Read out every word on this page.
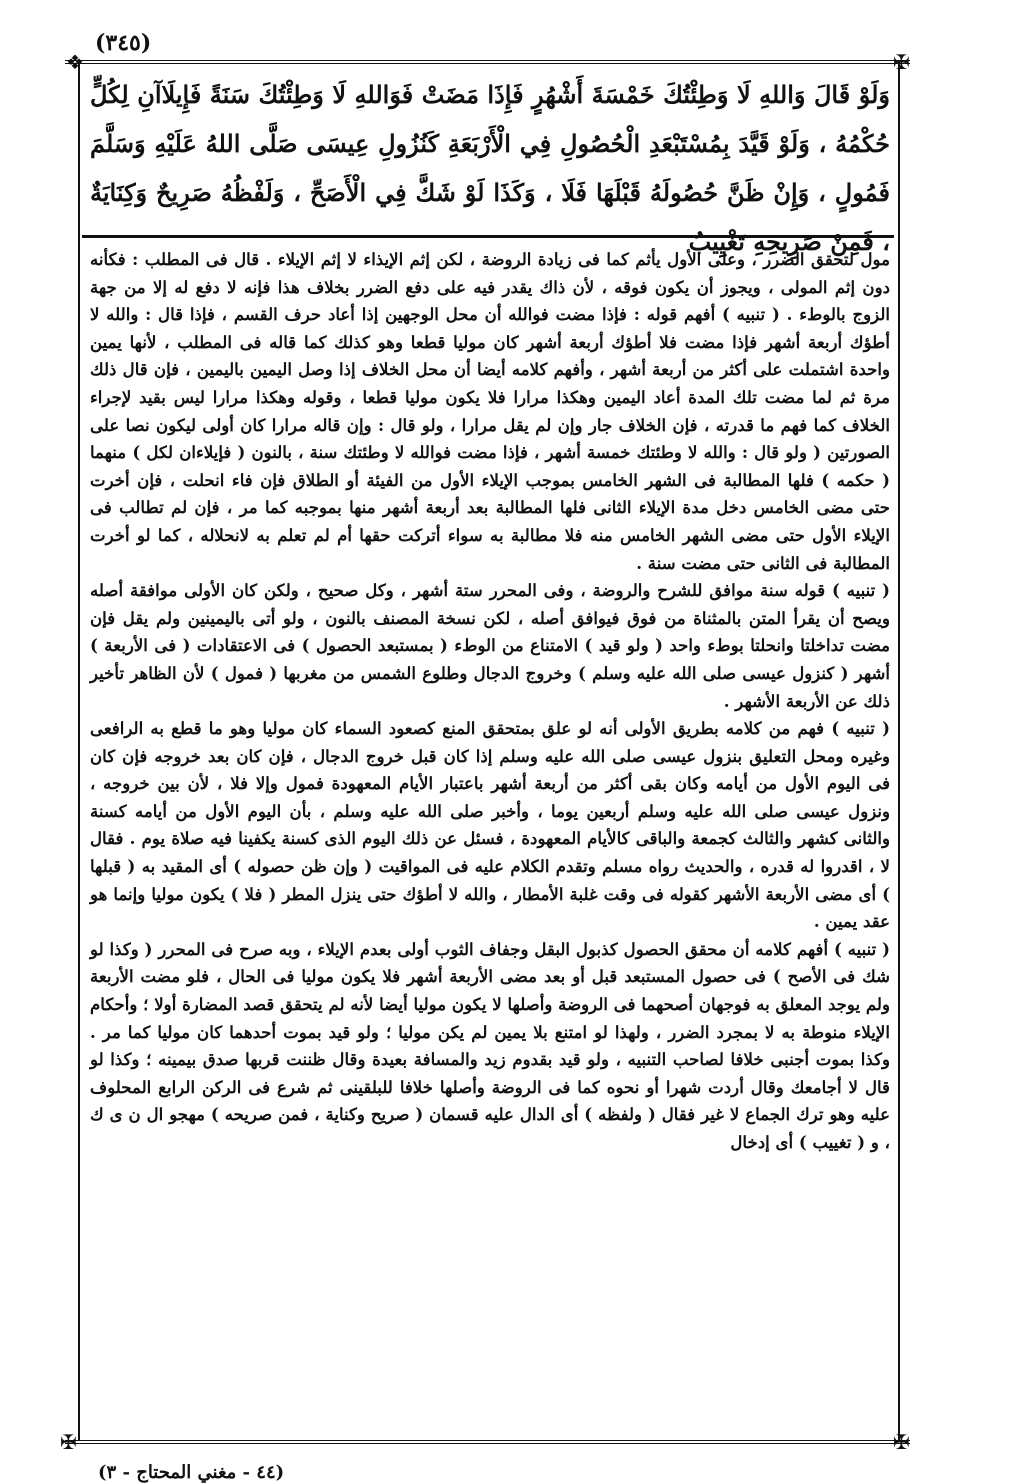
(٣٤٥)
❖	✠
✠	✠
وَلَوْ قَالَ وَاللهِ لَا وَطِئْتُكَ خَمْسَةَ أَشْهُرٍ فَإِذَا مَضَتْ فَوَاللهِ لَا وَطِئْتُكَ سَنَةً فَإِيلَاآنِ لِكُلٍّ حُكْمُهُ ، وَلَوْ قَيَّدَ بِمُسْتَبْعَدِ الْحُصُولِ فِي الْأَرْبَعَةِ كَنُزُولِ عِيسَى صَلَّى اللهُ عَلَيْهِ وَسَلَّمَ فَمُولٍ ، وَإِنْ ظَنَّ حُصُولَهُ قَبْلَهَا فَلَا ، وَكَذَا لَوْ شَكَّ فِي الْأَصَحِّ ، وَلَفْظُهُ صَرِيحٌ وَكِنَايَةٌ ، فَمِنْ صَرِيحِهِ تَغْيِيبُ

مول لتحقق الضرر ، وعلى الأول يأثم كما فى زيادة الروضة ، لكن إثم الإيذاء لا إثم الإيلاء . قال فى المطلب : فكأنه دون إثم المولى ، ويجوز أن يكون فوقه ، لأن ذاك يقدر فيه على دفع الضرر بخلاف هذا فإنه لا دفع له إلا من جهة الزوج بالوطء . ( تنبيه ) أفهم قوله : فإذا مضت فوالله أن محل الوجهين إذا أعاد حرف القسم ، فإذا قال : والله لا أطؤك أربعة أشهر فإذا مضت فلا أطؤك أربعة أشهر كان موليا قطعا وهو كذلك كما قاله فى المطلب ، لأنها يمين واحدة اشتملت على أكثر من أربعة أشهر ، وأفهم كلامه أيضا أن محل الخلاف إذا وصل اليمين باليمين ، فإن قال ذلك مرة ثم لما مضت تلك المدة أعاد اليمين وهكذا مرارا فلا يكون موليا قطعا ، وقوله وهكذا مرارا ليس بقيد لإجراء الخلاف كما فهم ما قدرته ، فإن الخلاف جار وإن لم يقل مرارا ، ولو قال : وإن قاله مرارا كان أولى ليكون نصا على الصورتين ( ولو قال : والله لا وطئتك خمسة أشهر ، فإذا مضت فوالله لا وطئتك سنة ، بالنون ( فإيلاءان لكل ) منهما ( حكمه ) فلها المطالبة فى الشهر الخامس بموجب الإيلاء الأول من الفيئة أو الطلاق فإن فاء انحلت ، فإن أخرت حتى مضى الخامس دخل مدة الإيلاء الثانى فلها المطالبة بعد أربعة أشهر منها بموجبه كما مر ، فإن لم تطالب فى الإيلاء الأول حتى مضى الشهر الخامس منه فلا مطالبة به سواء أتركت حقها أم لم تعلم به لانحلاله ، كما لو أخرت المطالبة فى الثانى حتى مضت سنة .

( تنبيه ) قوله سنة موافق للشرح والروضة ، وفى المحرر ستة أشهر ، وكل صحيح ، ولكن كان الأولى موافقة أصله ويصح أن يقرأ المتن بالمثناة من فوق فيوافق أصله ، لكن نسخة المصنف بالنون ، ولو أتى باليمينين ولم يقل فإن مضت تداخلتا وانحلتا بوطء واحد ( ولو قيد ) الامتناع من الوطء ( بمستبعد الحصول ) فى الاعتقادات ( فى الأربعة ) أشهر ( كنزول عيسى صلى الله عليه وسلم ) وخروج الدجال وطلوع الشمس من مغربها ( فمول ) لأن الظاهر تأخير ذلك عن الأربعة الأشهر .

( تنبيه ) فهم من كلامه بطريق الأولى أنه لو علق بمتحقق المنع كصعود السماء كان موليا وهو ما قطع به الرافعى وغيره ومحل التعليق بنزول عيسى صلى الله عليه وسلم إذا كان قبل خروج الدجال ، فإن كان بعد خروجه فإن كان فى اليوم الأول من أيامه وكان بقى أكثر من أربعة أشهر باعتبار الأيام المعهودة فمول وإلا فلا ، لأن بين خروجه ، ونزول عيسى صلى الله عليه وسلم أربعين يوما ، وأخبر صلى الله عليه وسلم ، بأن اليوم الأول من أيامه كسنة والثانى كشهر والثالث كجمعة والباقى كالأيام المعهودة ، فسئل عن ذلك اليوم الذى كسنة يكفينا فيه صلاة يوم . فقال لا ، اقدروا له قدره ، والحديث رواه مسلم وتقدم الكلام عليه فى المواقيت ( وإن ظن حصوله ) أى المقيد به ( قبلها ) أى مضى الأربعة الأشهر كقوله فى وقت غلبة الأمطار ، والله لا أطؤك حتى ينزل المطر ( فلا ) يكون موليا وإنما هو عقد يمين .

( تنبيه ) أفهم كلامه أن محقق الحصول كذبول البقل وجفاف الثوب أولى بعدم الإيلاء ، وبه صرح فى المحرر ( وكذا لو شك فى الأصح ) فى حصول المستبعد قبل أو بعد مضى الأربعة أشهر فلا يكون موليا فى الحال ، فلو مضت الأربعة ولم يوجد المعلق به فوجهان أصحهما فى الروضة وأصلها لا يكون موليا أيضا لأنه لم يتحقق قصد المضارة أولا ؛ وأحكام الإيلاء منوطة به لا بمجرد الضرر ، ولهذا لو امتنع بلا يمين لم يكن موليا ؛ ولو قيد بموت أحدهما كان موليا كما مر . وكذا بموت أجنبى خلافا لصاحب التنبيه ، ولو قيد بقدوم زيد والمسافة بعيدة وقال ظننت قربها صدق بيمينه ؛ وكذا لو قال لا أجامعك وقال أردت شهرا أو نحوه كما فى الروضة وأصلها خلافا للبلقينى ثم شرع فى الركن الرابع المحلوف عليه وهو ترك الجماع لا غير فقال ( ولفظه ) أى الدال عليه قسمان ( صريح وكناية ، فمن صريحه ) مهجو ال ن ى ك ، و ( تغييب ) أى إدخال

(٤٤ - مغني المحتاج - ٣)
